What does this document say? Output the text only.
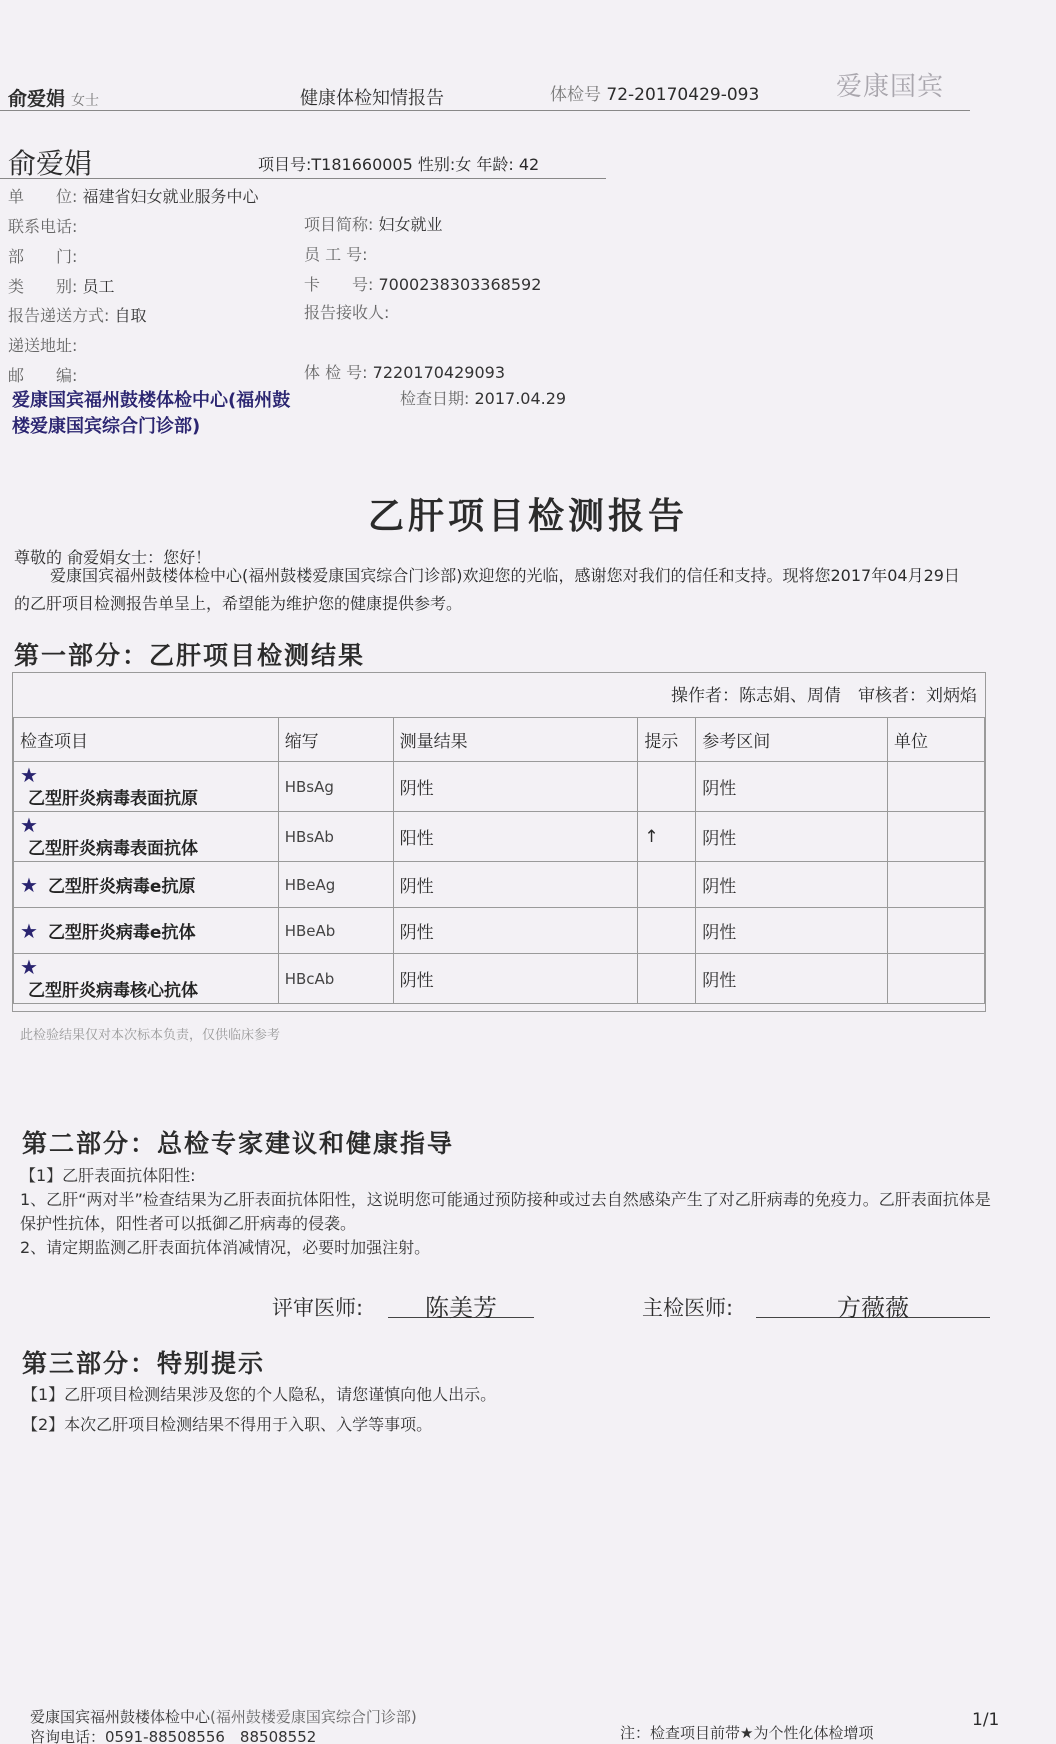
俞爱娟 女士	健康体检知情报告	体检号 72-20170429-093	爱康国宾
俞爱娟	项目号:T181660005 性别:女 年龄: 42
单　　位: 福建省妇女就业服务中心
联系电话:
部　　门:
类　　别: 员工
报告递送方式: 自取
递送地址:
邮　　编:
项目简称: 妇女就业
员 工 号:
卡　　号: 7000238303368592
报告接收人:
体 检 号: 7220170429093
爱康国宾福州鼓楼体检中心(福州鼓楼爱康国宾综合门诊部)
检查日期: 2017.04.29
乙肝项目检测报告
尊敬的 俞爱娟女士：您好！
爱康国宾福州鼓楼体检中心(福州鼓楼爱康国宾综合门诊部)欢迎您的光临，感谢您对我们的信任和支持。现将您2017年04月29日的乙肝项目检测报告单呈上，希望能为维护您的健康提供参考。
第一部分：乙肝项目检测结果
操作者：陈志娟、周倩　审核者：刘炳焰
检查项目	缩写	测量结果	提示	参考区间	单位
★
乙型肝炎病毒表面抗原	HBsAg	阴性		阴性	
★
乙型肝炎病毒表面抗体	HBsAb	阳性	↑	阴性	
★ 乙型肝炎病毒e抗原	HBeAg	阴性		阴性	
★ 乙型肝炎病毒e抗体	HBeAb	阴性		阴性	
★
乙型肝炎病毒核心抗体	HBcAb	阴性		阴性	
此检验结果仅对本次标本负责，仅供临床参考
第二部分：总检专家建议和健康指导
【1】乙肝表面抗体阳性:
1、乙肝“两对半”检查结果为乙肝表面抗体阳性，这说明您可能通过预防接种或过去自然感染产生了对乙肝病毒的免疫力。乙肝表面抗体是保护性抗体，阳性者可以抵御乙肝病毒的侵袭。
2、请定期监测乙肝表面抗体消减情况，必要时加强注射。
评审医师:	陈美芳	主检医师:	方薇薇
第三部分：特别提示
【1】乙肝项目检测结果涉及您的个人隐私，请您谨慎向他人出示。
【2】本次乙肝项目检测结果不得用于入职、入学等事项。
爱康国宾福州鼓楼体检中心(福州鼓楼爱康国宾综合门诊部)
咨询电话：0591-88508556　88508552	注：检查项目前带★为个性化体检增项
1/1
